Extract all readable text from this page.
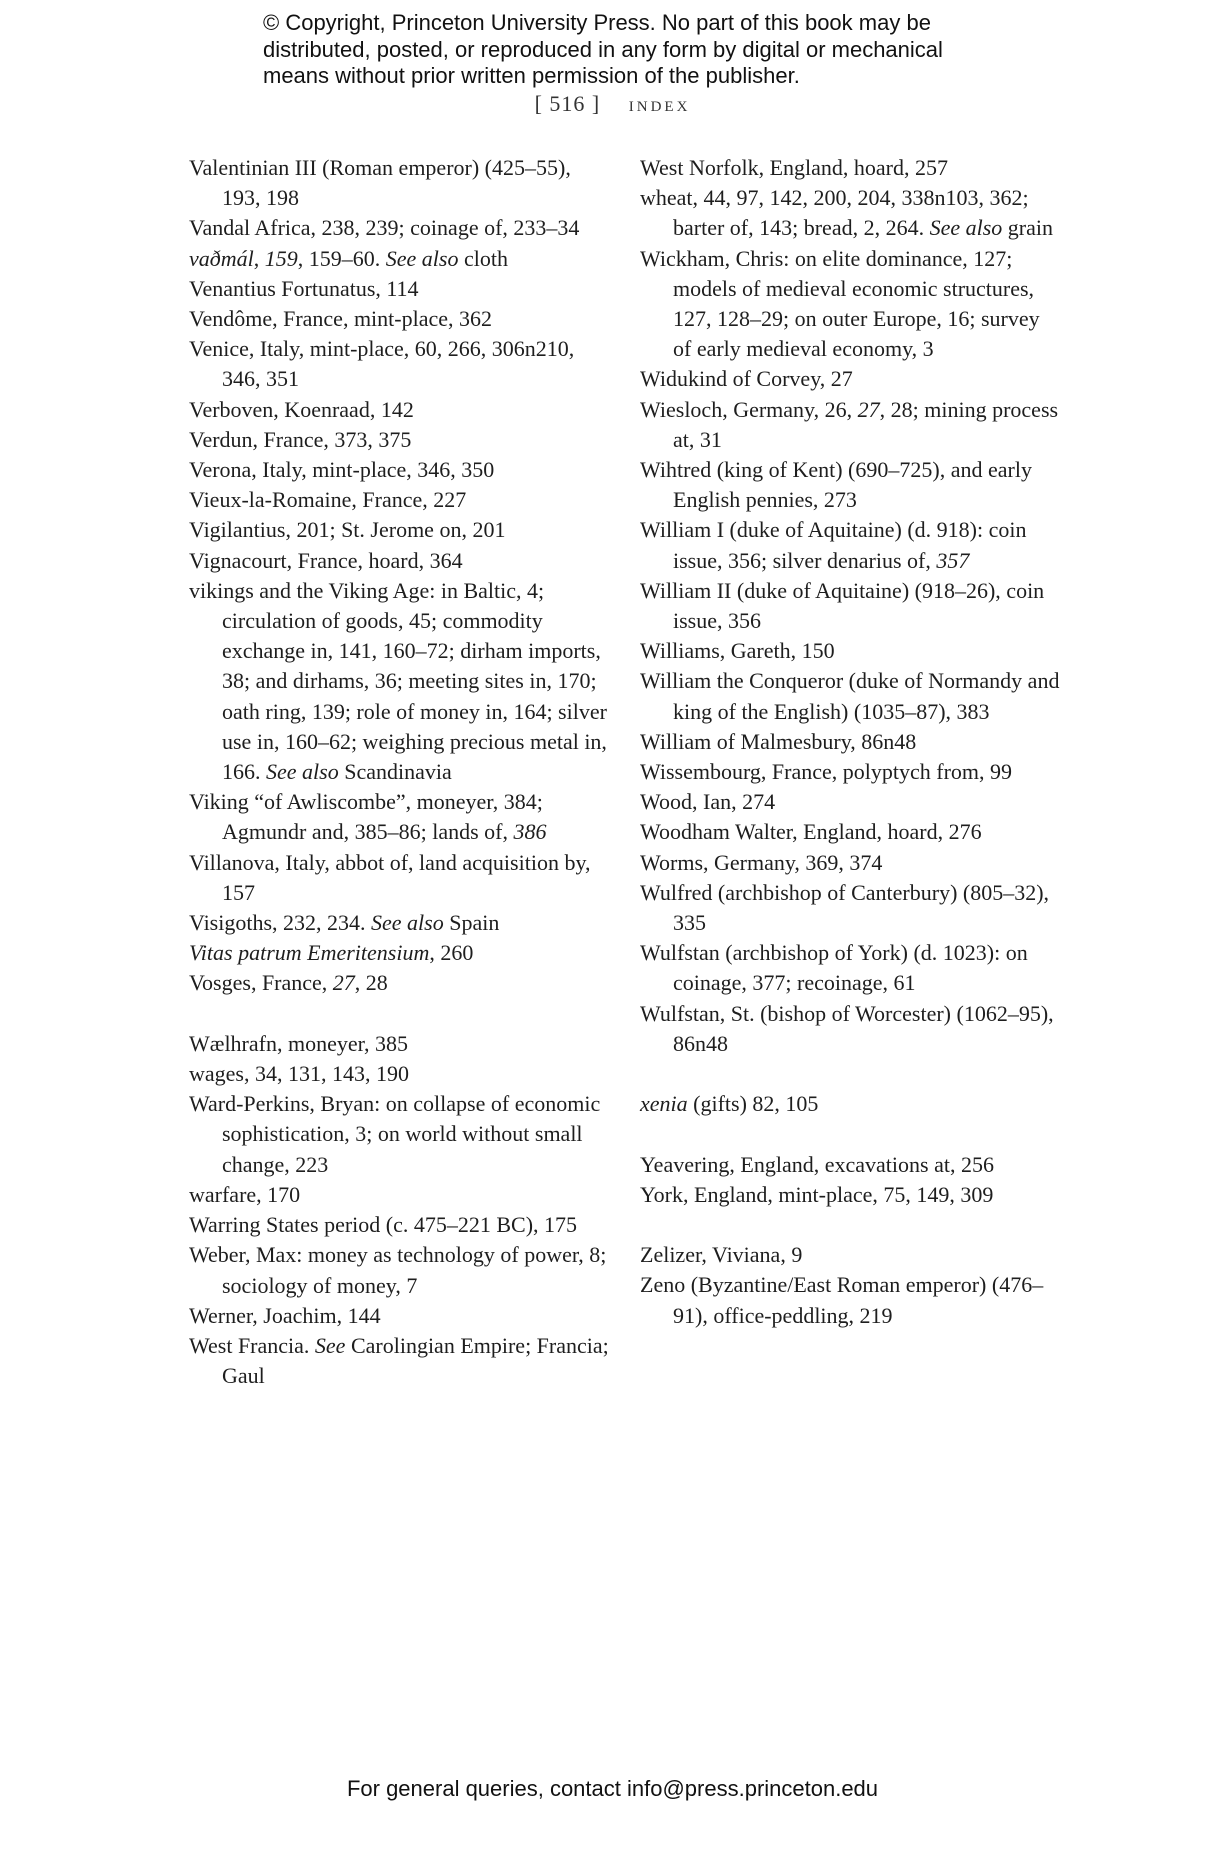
© Copyright, Princeton University Press. No part of this book may be
distributed, posted, or reproduced in any form by digital or mechanical
means without prior written permission of the publisher.
[ 516 ] index
Valentinian III (Roman emperor) (425–55), 193, 198
Vandal Africa, 238, 239; coinage of, 233–34
vaðmál, 159, 159–60. See also cloth
Venantius Fortunatus, 114
Vendôme, France, mint-place, 362
Venice, Italy, mint-place, 60, 266, 306n210, 346, 351
Verboven, Koenraad, 142
Verdun, France, 373, 375
Verona, Italy, mint-place, 346, 350
Vieux-la-Romaine, France, 227
Vigilantius, 201; St. Jerome on, 201
Vignacourt, France, hoard, 364
vikings and the Viking Age: in Baltic, 4; circulation of goods, 45; commodity exchange in, 141, 160–72; dirham imports, 38; and dirhams, 36; meeting sites in, 170; oath ring, 139; role of money in, 164; silver use in, 160–62; weighing precious metal in, 166. See also Scandinavia
Viking “of Awliscombe”, moneyer, 384; Agmundr and, 385–86; lands of, 386
Villanova, Italy, abbot of, land acquisition by, 157
Visigoths, 232, 234. See also Spain
Vitas patrum Emeritensium, 260
Vosges, France, 27, 28
Wælhrafn, moneyer, 385
wages, 34, 131, 143, 190
Ward-Perkins, Bryan: on collapse of economic sophistication, 3; on world without small change, 223
warfare, 170
Warring States period (c. 475–221 BC), 175
Weber, Max: money as technology of power, 8; sociology of money, 7
Werner, Joachim, 144
West Francia. See Carolingian Empire; Francia; Gaul
West Norfolk, England, hoard, 257
wheat, 44, 97, 142, 200, 204, 338n103, 362; barter of, 143; bread, 2, 264. See also grain
Wickham, Chris: on elite dominance, 127; models of medieval economic structures, 127, 128–29; on outer Europe, 16; survey of early medieval economy, 3
Widukind of Corvey, 27
Wiesloch, Germany, 26, 27, 28; mining process at, 31
Wihtred (king of Kent) (690–725), and early English pennies, 273
William I (duke of Aquitaine) (d. 918): coin issue, 356; silver denarius of, 357
William II (duke of Aquitaine) (918–26), coin issue, 356
Williams, Gareth, 150
William the Conqueror (duke of Normandy and king of the English) (1035–87), 383
William of Malmesbury, 86n48
Wissembourg, France, polyptych from, 99
Wood, Ian, 274
Woodham Walter, England, hoard, 276
Worms, Germany, 369, 374
Wulfred (archbishop of Canterbury) (805–32), 335
Wulfstan (archbishop of York) (d. 1023): on coinage, 377; recoinage, 61
Wulfstan, St. (bishop of Worcester) (1062–95), 86n48
xenia (gifts) 82, 105
Yeavering, England, excavations at, 256
York, England, mint-place, 75, 149, 309
Zelizer, Viviana, 9
Zeno (Byzantine/East Roman emperor) (476–91), office-peddling, 219
For general queries, contact info@press.princeton.edu
